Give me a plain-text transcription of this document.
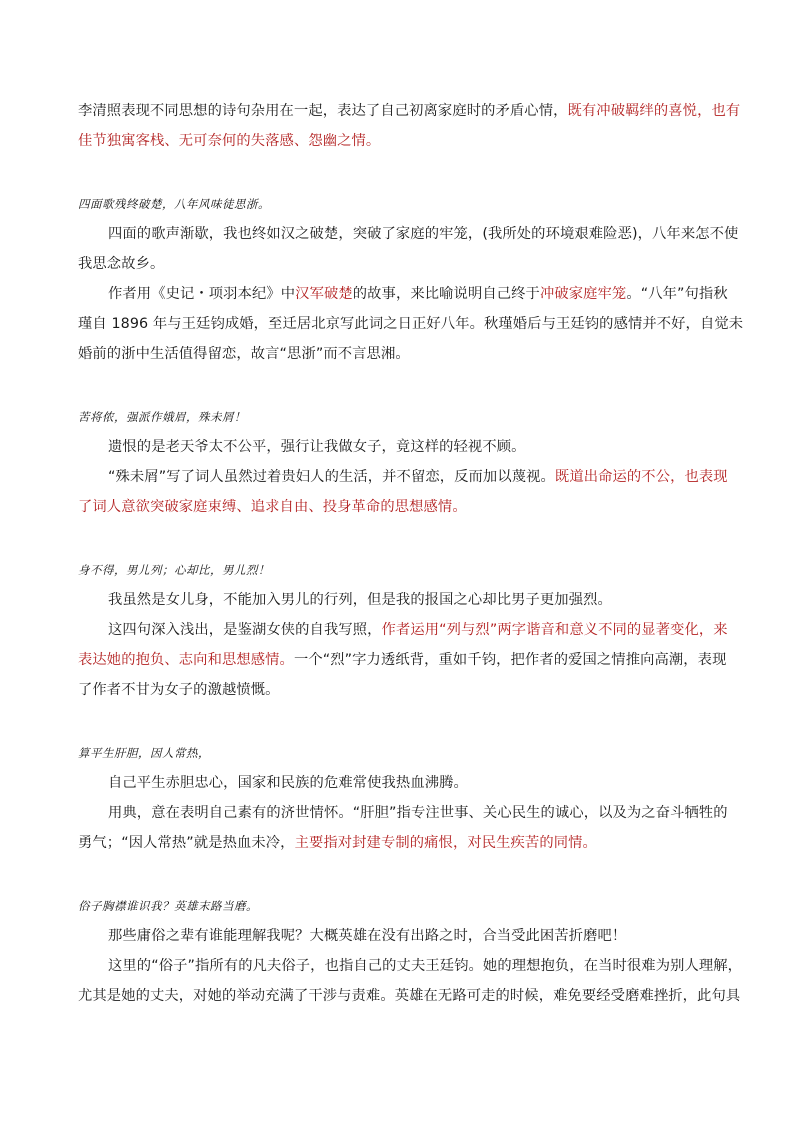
李清照表现不同思想的诗句杂用在一起，表达了自己初离家庭时的矛盾心情，既有冲破羁绊的喜悦，也有
佳节独寓客栈、无可奈何的失落感、怨幽之情。
四面歌残终破楚，八年风味徒思浙。
四面的歌声渐歇，我也终如汉之破楚，突破了家庭的牢笼，(我所处的环境艰难险恶)，八年来怎不使
我思念故乡。
作者用《史记・项羽本纪》中汉军破楚的故事，来比喻说明自己终于冲破家庭牢笼。“八年”句指秋
瑾自 1896 年与王廷钧成婚，至迁居北京写此词之日正好八年。秋瑾婚后与王廷钧的感情并不好，自觉未
婚前的浙中生活值得留恋，故言“思浙”而不言思湘。
苦将侬，强派作娥眉，殊未屑！
遗恨的是老天爷太不公平，强行让我做女子，竟这样的轻视不顾。
“殊未屑”写了词人虽然过着贵妇人的生活，并不留恋，反而加以蔑视。既道出命运的不公，也表现
了词人意欲突破家庭束缚、追求自由、投身革命的思想感情。
身不得，男儿列；心却比，男儿烈！
我虽然是女儿身，不能加入男儿的行列，但是我的报国之心却比男子更加强烈。
这四句深入浅出，是鉴湖女侠的自我写照，作者运用“列与烈”两字谐音和意义不同的显著变化，来
表达她的抱负、志向和思想感情。一个“烈”字力透纸背，重如千钧，把作者的爱国之情推向高潮，表现
了作者不甘为女子的激越愤慨。
算平生肝胆，因人常热，
自己平生赤胆忠心，国家和民族的危难常使我热血沸腾。
用典，意在表明自己素有的济世情怀。“肝胆”指专注世事、关心民生的诚心，以及为之奋斗牺牲的
勇气；“因人常热”就是热血未冷，主要指对封建专制的痛恨，对民生疾苦的同情。
俗子胸襟谁识我？英雄末路当磨。
那些庸俗之辈有谁能理解我呢？大概英雄在没有出路之时，合当受此困苦折磨吧！
这里的“俗子”指所有的凡夫俗子，也指自己的丈夫王廷钧。她的理想抱负，在当时很难为别人理解，
尤其是她的丈夫，对她的举动充满了干涉与责难。英雄在无路可走的时候，难免要经受磨难挫折，此句具
